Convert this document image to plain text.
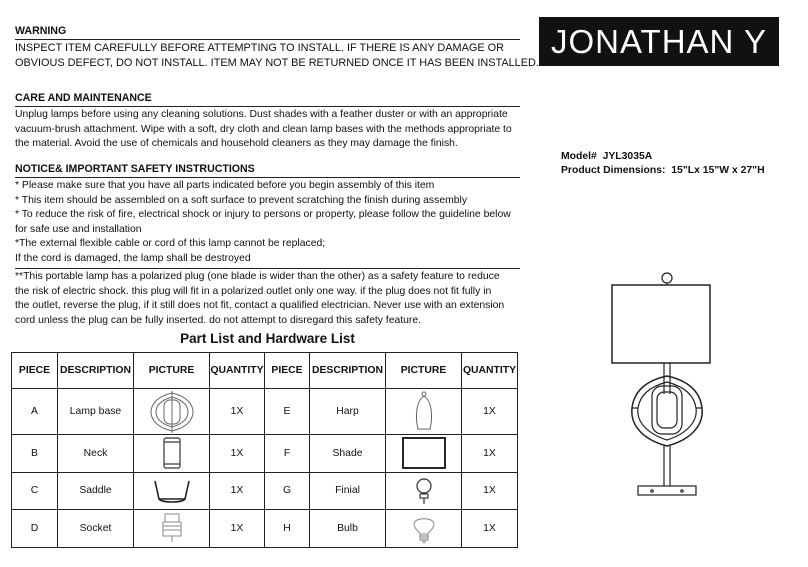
WARNING

INSPECT ITEM CAREFULLY BEFORE ATTEMPTING TO INSTALL. IF THERE IS ANY DAMAGE OR

OBVIOUS DEFECT, DO NOT INSTALL. ITEM MAY NOT BE RETURNED ONCE IT HAS BEEN INSTALLED.

JONATHAN Y
CARE AND MAINTENANCE

Unplug lamps before using any cleaning solutions. Dust shades with a feather duster or with an appropriate

vacuum-brush attachment. Wipe with a soft, dry cloth and clean lamp bases with the methods appropriate to

the material. Avoid the use of chemicals and household cleaners as they may damage the finish.

Model# JYL3035A
Product Dimensions: 15"Lx 15"W x 27"H
NOTICE& IMPORTANT SAFETY INSTRUCTIONS

* Please make sure that you have all parts indicated before you begin assembly of this item

* This item should be assembled on a soft surface to prevent scratching the finish during assembly

* To reduce the risk of fire, electrical shock or injury to persons or property, please follow the guideline below

for safe use and installation

*The external flexible cable or cord of this lamp cannot be replaced;

If the cord is damaged, the lamp shall be destroyed

**This portable lamp has a polarized plug (one blade is wider than the other) as a safety feature to reduce

the risk of electric shock. this plug will fit in a polarized outlet only one way. if the plug does not fit fully in

the outlet, reverse the plug, if it still does not fit, contact a qualified electrician. Never use with an extension

cord unless the plug can be fully inserted. do not attempt to disregard this safety feature.

Part List and Hardware List
PIECE	DESCRIPTION	PICTURE	QUANTITY	PIECE	DESCRIPTION	PICTURE	QUANTITY
A	Lamp base		1X	E	Harp		1X
B	Neck		1X	F	Shade		1X
C	Saddle		1X	G	Finial		1X
D	Socket		1X	H	Bulb		1X
